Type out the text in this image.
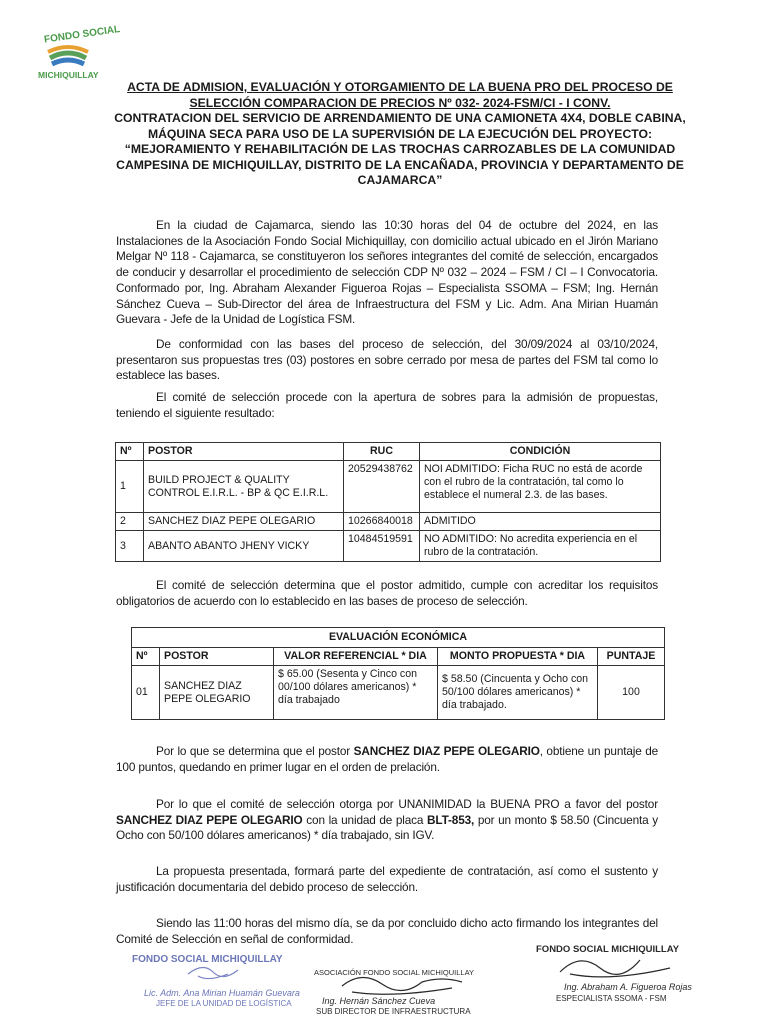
FONDO SOCIAL
MICHIQUILLAY
ACTA DE ADMISION, EVALUACIÓN Y OTORGAMIENTO DE LA BUENA PRO DEL PROCESO DE
SELECCIÓN COMPARACION DE PRECIOS Nº 032- 2024-FSM/CI - I CONV.
CONTRATACION DEL SERVICIO DE ARRENDAMIENTO DE UNA CAMIONETA 4X4, DOBLE CABINA,
MÁQUINA SECA PARA USO DE LA SUPERVISIÓN DE LA EJECUCIÓN DEL PROYECTO:
“MEJORAMIENTO Y REHABILITACIÓN DE LAS TROCHAS CARROZABLES DE LA COMUNIDAD
CAMPESINA DE MICHIQUILLAY, DISTRITO DE LA ENCAÑADA, PROVINCIA Y DEPARTAMENTO DE
CAJAMARCA”

En la ciudad de Cajamarca, siendo las 10:30 horas del 04 de octubre del 2024, en las Instalaciones de la Asociación Fondo Social Michiquillay, con domicilio actual ubicado en el Jirón Mariano Melgar Nº 118 - Cajamarca, se constituyeron los señores integrantes del comité de selección, encargados de conducir y desarrollar el procedimiento de selección CDP Nº 032 – 2024 – FSM / CI – I Convocatoria. Conformado por, Ing. Abraham Alexander Figueroa Rojas – Especialista SSOMA – FSM; Ing. Hernán Sánchez Cueva – Sub-Director del área de Infraestructura del FSM y Lic. Adm. Ana Mirian Huamán Guevara - Jefe de la Unidad de Logística FSM.

De conformidad con las bases del proceso de selección, del 30/09/2024 al 03/10/2024, presentaron sus propuestas tres (03) postores en sobre cerrado por mesa de partes del FSM tal como lo establece las bases.

El comité de selección procede con la apertura de sobres para la admisión de propuestas, teniendo el siguiente resultado:

Nº	POSTOR	RUC	CONDICIÓN
1	BUILD PROJECT & QUALITY CONTROL E.I.R.L. - BP & QC E.I.R.L.	20529438762	NOI ADMITIDO: Ficha RUC no está de acorde con el rubro de la contratación, tal como lo establece el numeral 2.3. de las bases.
2	SANCHEZ DIAZ PEPE OLEGARIO	10266840018	ADMITIDO
3	ABANTO ABANTO JHENY VICKY	10484519591	NO ADMITIDO: No acredita experiencia en el rubro de la contratación.

El comité de selección determina que el postor admitido, cumple con acreditar los requisitos obligatorios de acuerdo con lo establecido en las bases de proceso de selección.

EVALUACIÓN ECONÓMICA				
Nº	POSTOR	VALOR REFERENCIAL * DIA	MONTO PROPUESTA * DIA	PUNTAJE
01	SANCHEZ DIAZ PEPE OLEGARIO	$ 65.00 (Sesenta y Cinco con 00/100 dólares americanos) * día trabajado	$ 58.50 (Cincuenta y Ocho con 50/100 dólares americanos) * día trabajado.	100

Por lo que se determina que el postor SANCHEZ DIAZ PEPE OLEGARIO, obtiene un puntaje de 100 puntos, quedando en primer lugar en el orden de prelación.

Por lo que el comité de selección otorga por UNANIMIDAD la BUENA PRO a favor del postor SANCHEZ DIAZ PEPE OLEGARIO con la unidad de placa BLT-853, por un monto $ 58.50 (Cincuenta y Ocho con 50/100 dólares americanos) * día trabajado, sin IGV.

La propuesta presentada, formará parte del expediente de contratación, así como el sustento y justificación documentaria del debido proceso de selección.

Siendo las 11:00 horas del mismo día, se da por concluido dicho acto firmando los integrantes del Comité de Selección en señal de conformidad.

FONDO SOCIAL MICHIQUILLAY
Lic. Adm. Ana Mirian Huamán Guevara
JEFE DE LA UNIDAD DE LOGÍSTICA
ASOCIACIÓN FONDO SOCIAL MICHIQUILLAY
Ing. Hernán Sánchez Cueva
SUB DIRECTOR DE INFRAESTRUCTURA
FONDO SOCIAL MICHIQUILLAY
Ing. Abraham A. Figueroa Rojas
ESPECIALISTA SSOMA - FSM
